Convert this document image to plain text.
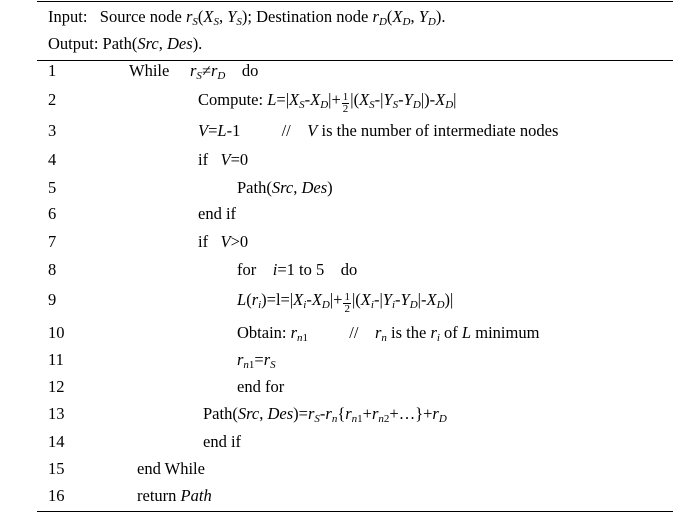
Input: Source node $r_S(X_S$, $Y_S$); Destination node $r_D(X_D$, $Y_D$).
Output: Path(Src, Des).
1
2
3
4
5
6
7
8
9
10
11
12
13
14
15
16
While $r_S\ne r_D$ do
Compute: $L=|X_S-X_D|+ \frac{1}{2} |(X_S-|Y_S-Y_D|)-X_D|$
V=L-1          //    V is the number of intermediate nodes
if V=0
Path(Src, Des)
end if
if V>0
for i=1 to 5 do
$L(r_i)=l=|X_i-X_D|+ \frac{1}{2} |(X_i-|Y_i-Y_D|-X_D)|$
Obtain: $r_{n1}$          //    $r_n$ is the $r_i$ of L minimum
$r_{n1}=r_S$
end for
Path(Src, $Des)=r_S-r_n\{r_{n1}+r_{n2}+\dots\}+r_D$
end if
end While
return Path
